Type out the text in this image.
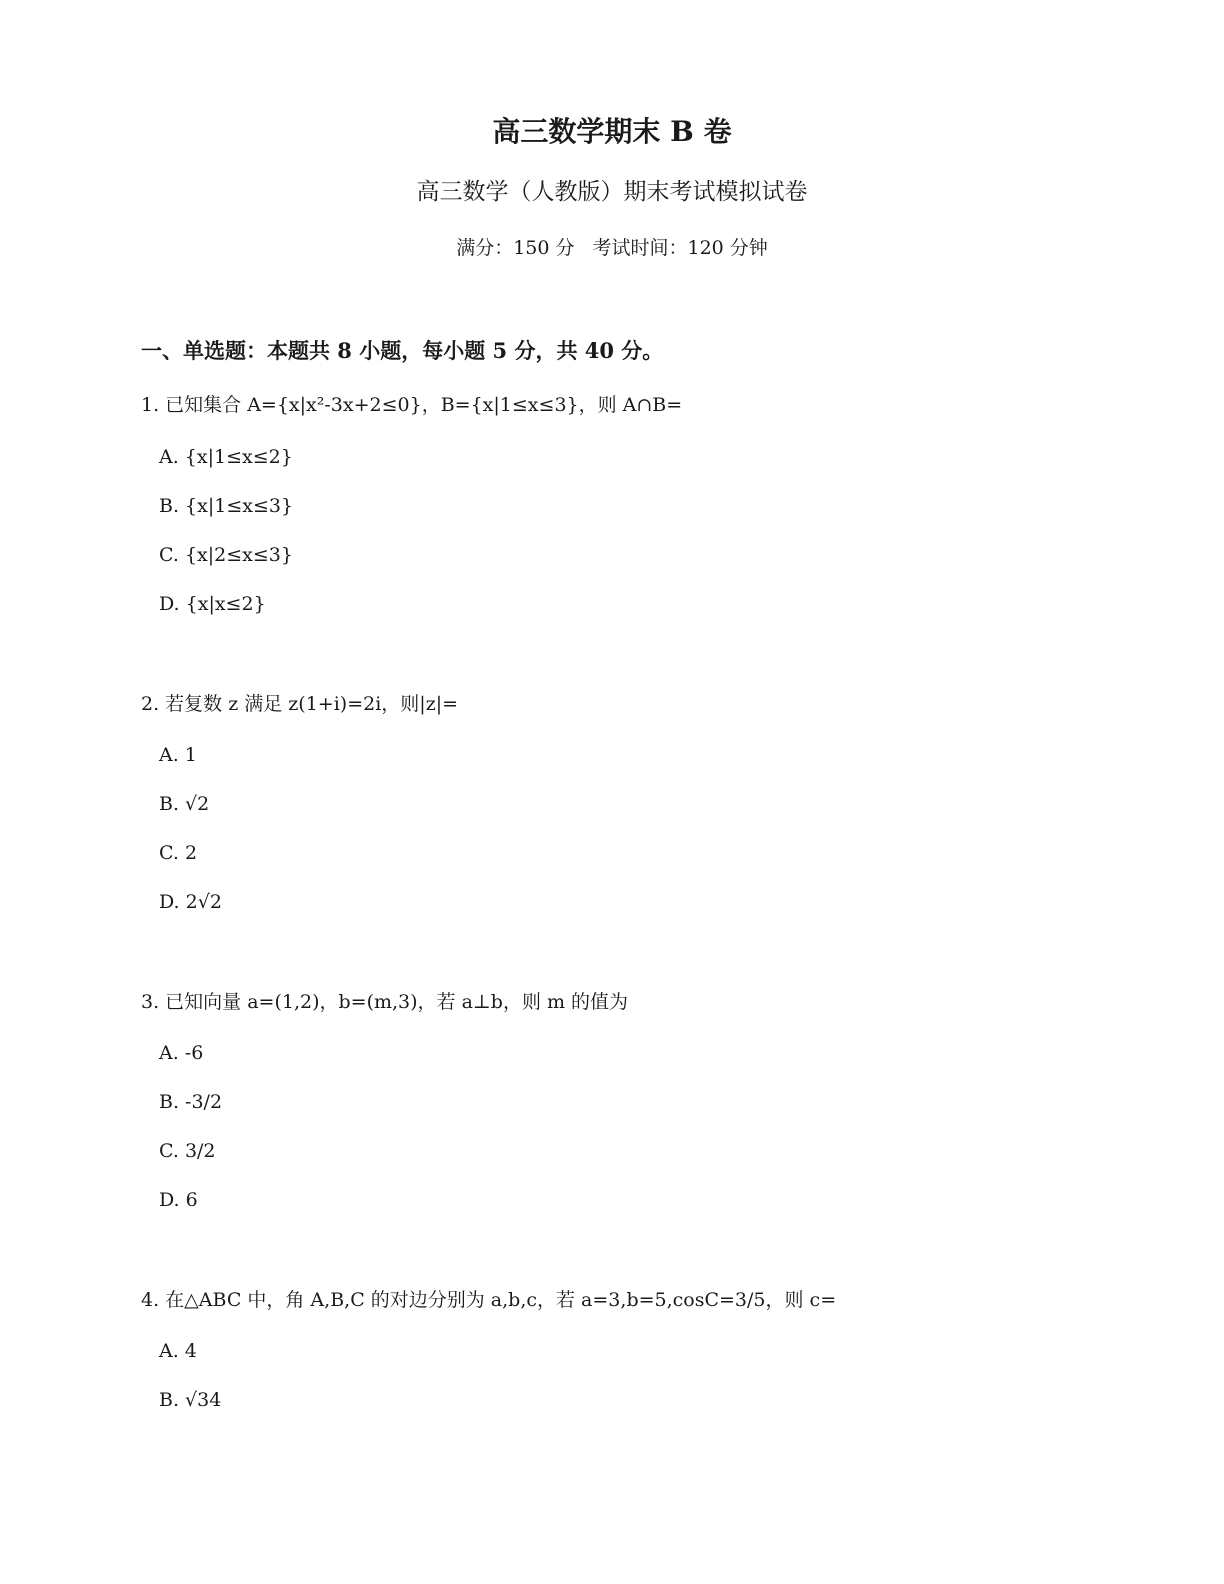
高三数学期末 B 卷
高三数学（人教版）期末考试模拟试卷
满分：150 分 考试时间：120 分钟
一、单选题：本题共 8 小题，每小题 5 分，共 40 分。
1. 已知集合 A={x|x²-3x+2≤0}，B={x|1≤x≤3}，则 A∩B=
A. {x|1≤x≤2}
B. {x|1≤x≤3}
C. {x|2≤x≤3}
D. {x|x≤2}
2. 若复数 z 满足 z(1+i)=2i，则|z|=
A. 1
B. √2
C. 2
D. 2√2
3. 已知向量 a=(1,2)，b=(m,3)，若 a⊥b，则 m 的值为
A. -6
B. -3/2
C. 3/2
D. 6
4. 在△ABC 中，角 A,B,C 的对边分别为 a,b,c，若 a=3,b=5,cosC=3/5，则 c=
A. 4
B. √34
